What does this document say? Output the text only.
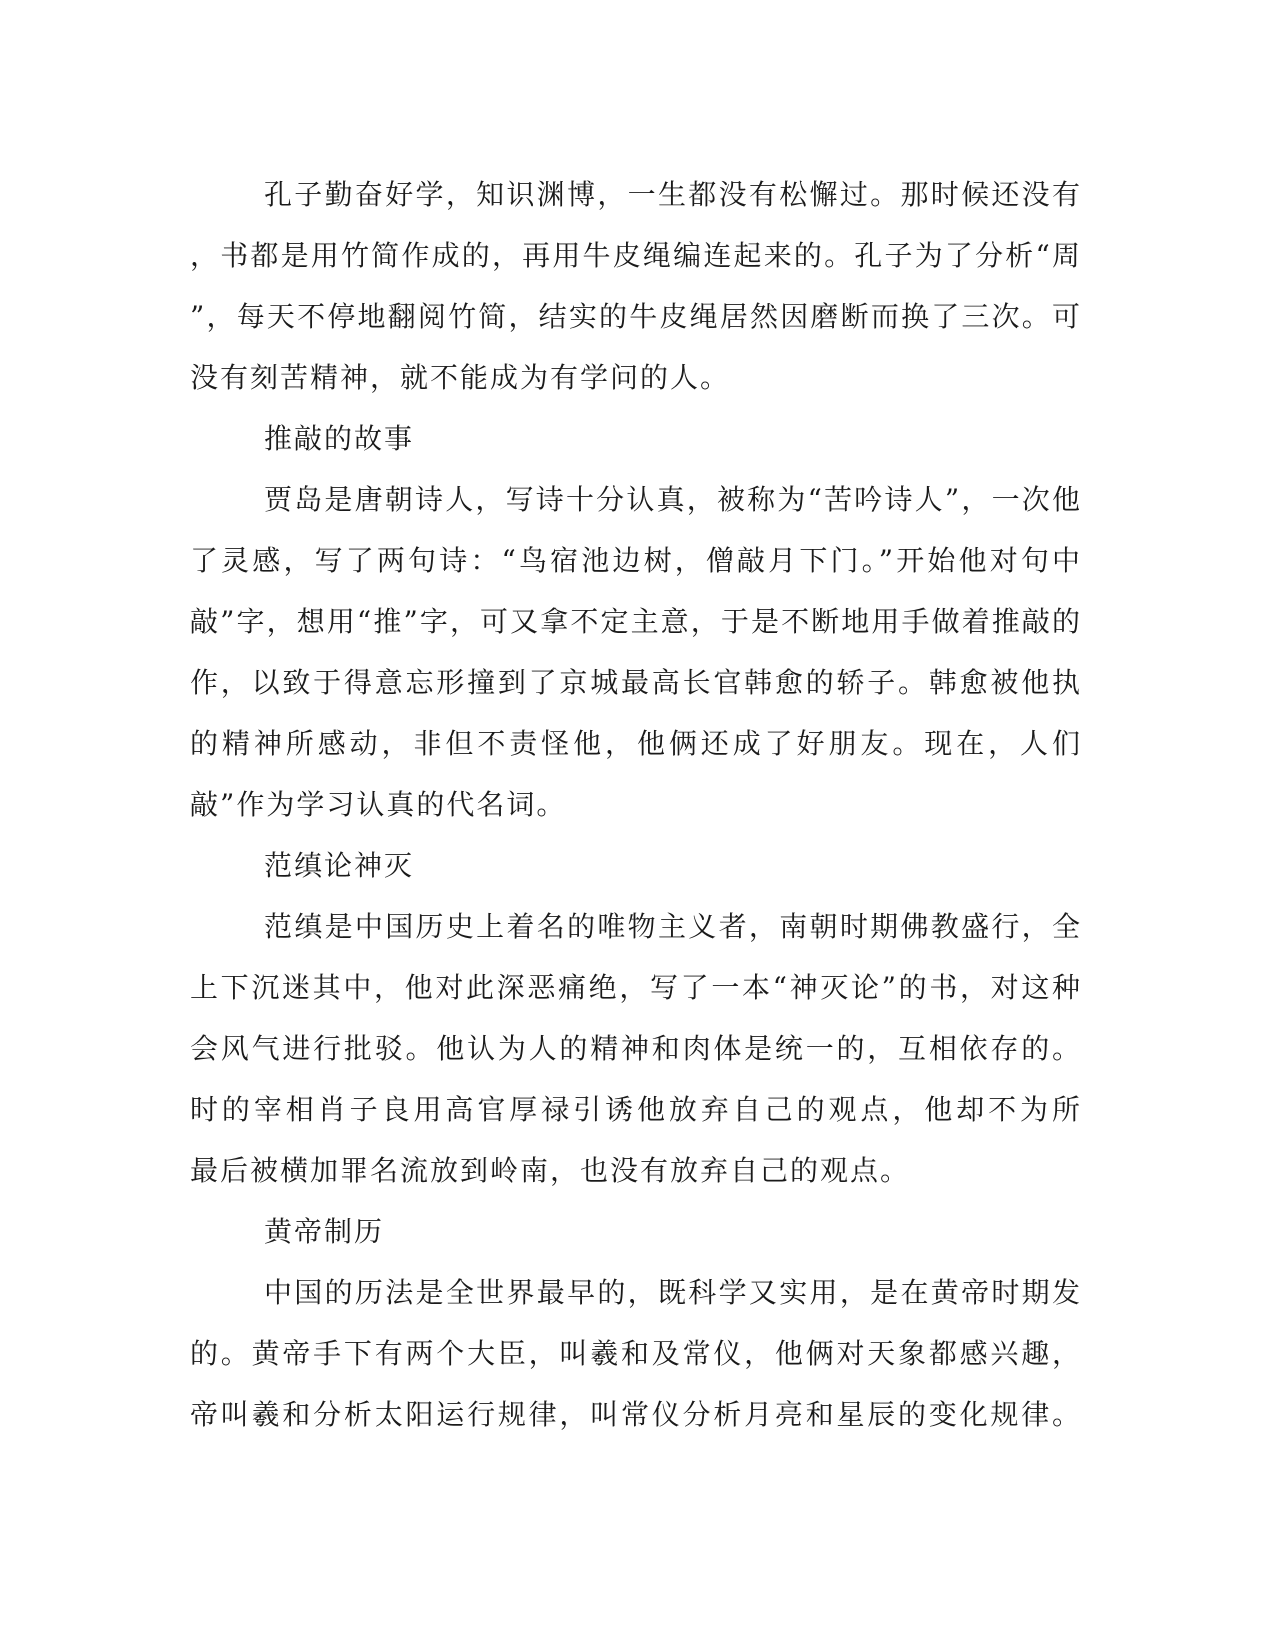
孔子勤奋好学，知识渊博，一生都没有松懈过。那时候还没有
，书都是用竹简作成的，再用牛皮绳编连起来的。孔子为了分析“周
”，每天不停地翻阅竹简，结实的牛皮绳居然因磨断而换了三次。可
没有刻苦精神，就不能成为有学问的人。
推敲的故事
贾岛是唐朝诗人，写诗十分认真，被称为“苦吟诗人”，一次他
了灵感，写了两句诗：“鸟宿池边树，僧敲月下门。”开始他对句中
敲”字，想用“推”字，可又拿不定主意，于是不断地用手做着推敲的
作，以致于得意忘形撞到了京城最高长官韩愈的轿子。韩愈被他执
的精神所感动，非但不责怪他，他俩还成了好朋友。现在，人们
敲”作为学习认真的代名词。
范缜论神灭
范缜是中国历史上着名的唯物主义者，南朝时期佛教盛行，全
上下沉迷其中，他对此深恶痛绝，写了一本“神灭论”的书，对这种
会风气进行批驳。他认为人的精神和肉体是统一的，互相依存的。
时的宰相肖子良用高官厚禄引诱他放弃自己的观点，他却不为所
最后被横加罪名流放到岭南，也没有放弃自己的观点。
黄帝制历
中国的历法是全世界最早的，既科学又实用，是在黄帝时期发
的。黄帝手下有两个大臣，叫羲和及常仪，他俩对天象都感兴趣，
帝叫羲和分析太阳运行规律，叫常仪分析月亮和星辰的变化规律。
